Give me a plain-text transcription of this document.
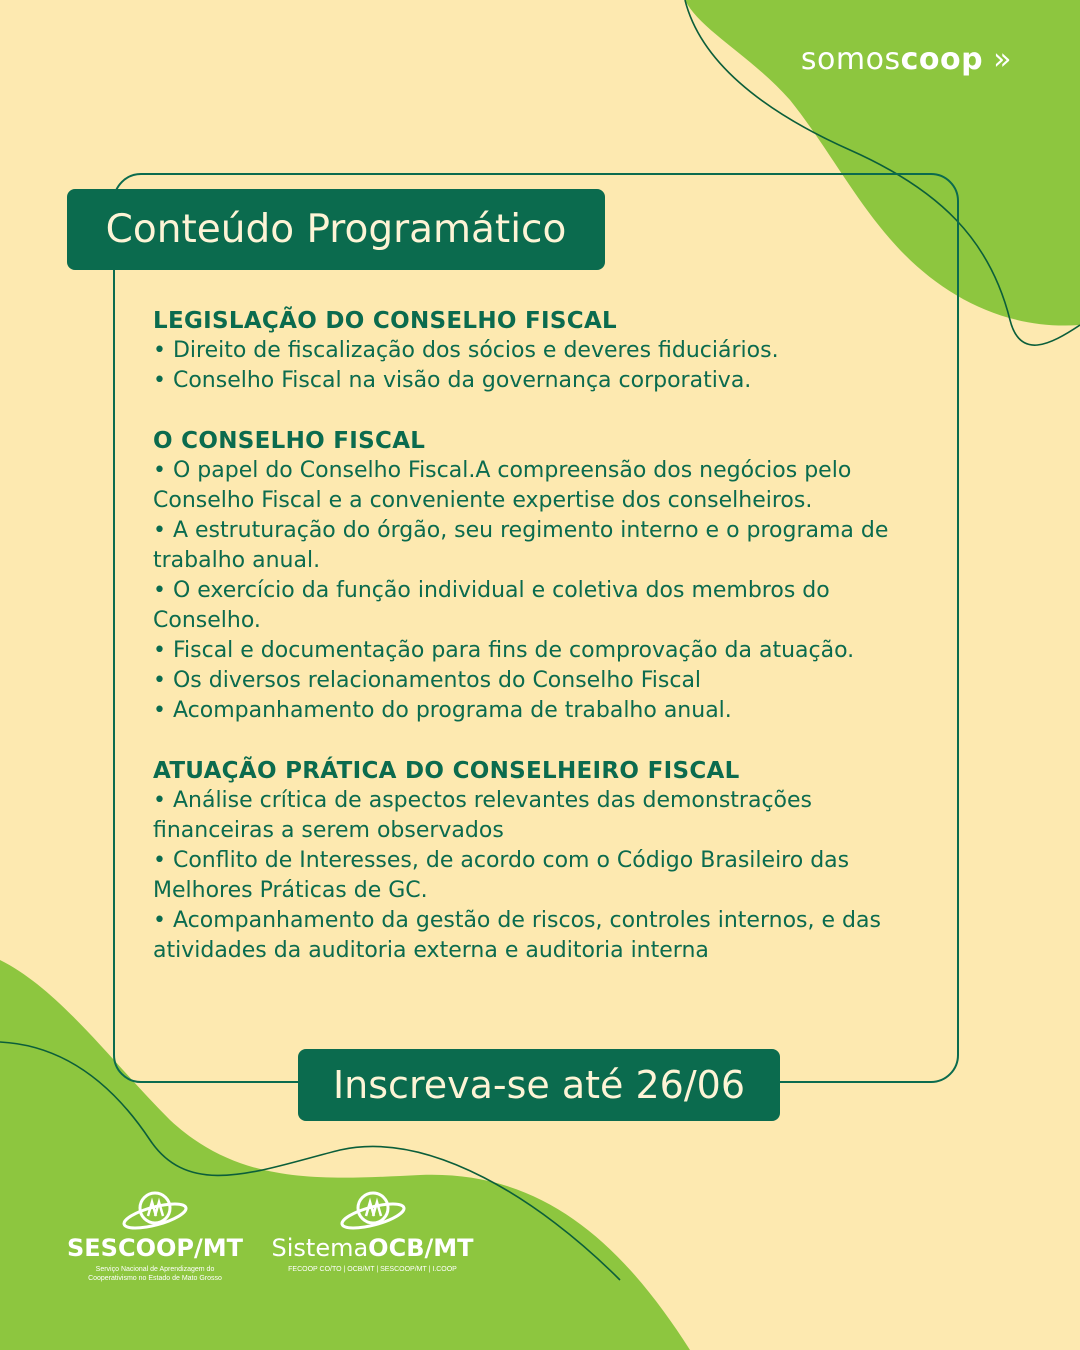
somoscoop »
Conteúdo Programático
LEGISLAÇÃO DO CONSELHO FISCAL

• Direito de fiscalização dos sócios e deveres fiduciários.

• Conselho Fiscal na visão da governança corporativa.

O CONSELHO FISCAL

• O papel do Conselho Fiscal.A compreensão dos negócios pelo Conselho Fiscal e a conveniente expertise dos conselheiros.

• A estruturação do órgão, seu regimento interno e o programa de trabalho anual.

• O exercício da função individual e coletiva dos membros do Conselho.

• Fiscal e documentação para fins de comprovação da atuação.

• Os diversos relacionamentos do Conselho Fiscal

• Acompanhamento do programa de trabalho anual.

ATUAÇÃO PRÁTICA DO CONSELHEIRO FISCAL

• Análise crítica de aspectos relevantes das demonstrações financeiras a serem observados

• Conflito de Interesses, de acordo com o Código Brasileiro das Melhores Práticas de GC.

• Acompanhamento da gestão de riscos, controles internos, e das atividades da auditoria externa e auditoria interna

Inscreva-se até 26/06
SESCOOP/MT
Serviço Nacional de Aprendizagem do
Cooperativismo no Estado de Mato Grosso
SistemaOCB/MT
FECOOP CO/TO | OCB/MT | SESCOOP/MT | I.COOP
